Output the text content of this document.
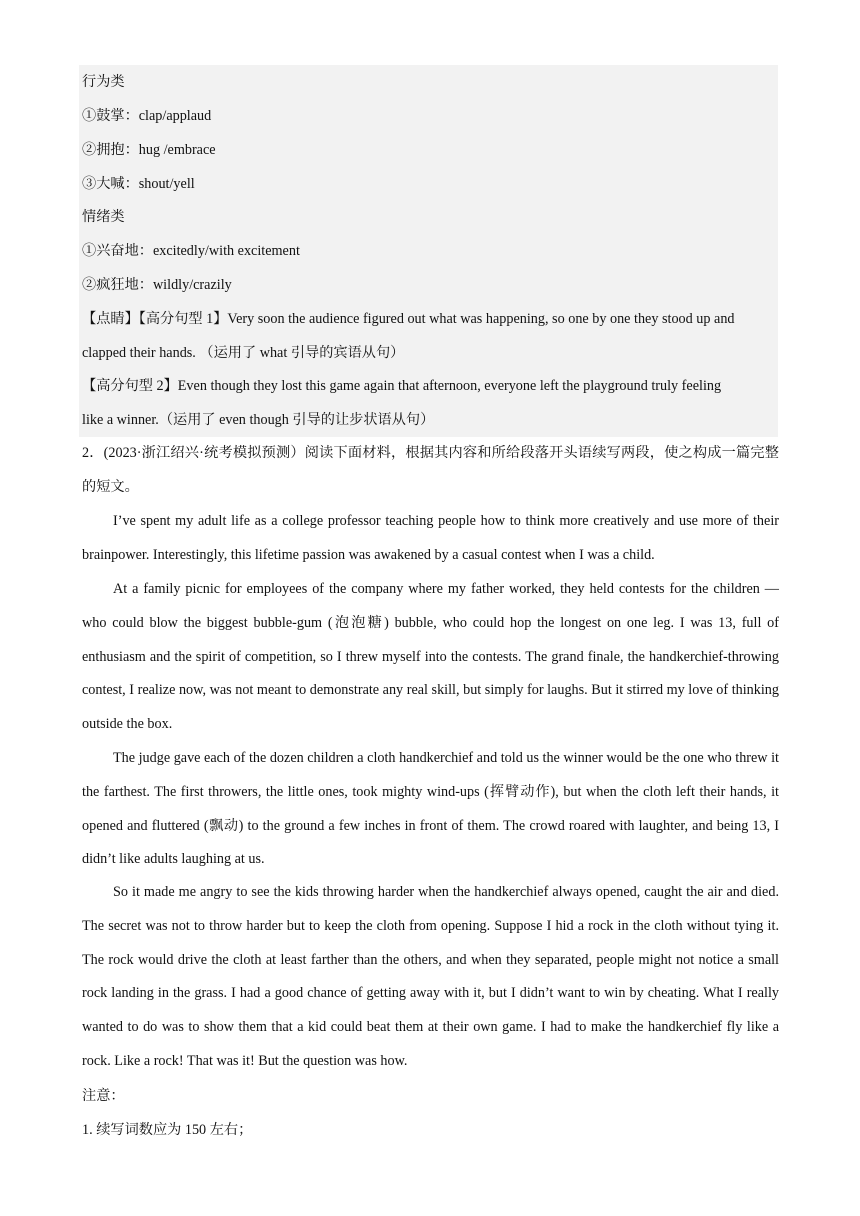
行为类
①鼓掌：clap/applaud
②拥抱：hug /embrace
③大喊：shout/yell
情绪类
①兴奋地：excitedly/with excitement
②疯狂地：wildly/crazily
【点睛】【高分句型 1】Very soon the audience figured out what was happening, so one by one they stood up and
clapped their hands. （运用了 what 引导的宾语从句）
【高分句型 2】Even though they lost this game again that afternoon, everyone left the playground truly feeling
like a winner.（运用了 even though 引导的让步状语从句）
2．(2023·浙江绍兴·统考模拟预测）阅读下面材料，根据其内容和所给段落开头语续写两段，使之构成一篇完整的短文。
I’ve spent my adult life as a college professor teaching people how to think more creatively and use more of their brainpower. Interestingly, this lifetime passion was awakened by a casual contest when I was a child.
At a family picnic for employees of the company where my father worked, they held contests for the children — who could blow the biggest bubble-gum (泡泡糖) bubble, who could hop the longest on one leg. I was 13, full of enthusiasm and the spirit of competition, so I threw myself into the contests. The grand finale, the handkerchief-throwing contest, I realize now, was not meant to demonstrate any real skill, but simply for laughs. But it stirred my love of thinking outside the box.
The judge gave each of the dozen children a cloth handkerchief and told us the winner would be the one who threw it the farthest. The first throwers, the little ones, took mighty wind-ups (挥臂动作), but when the cloth left their hands, it opened and fluttered (飘动) to the ground a few inches in front of them. The crowd roared with laughter, and being 13, I didn’t like adults laughing at us.
So it made me angry to see the kids throwing harder when the handkerchief always opened, caught the air and died. The secret was not to throw harder but to keep the cloth from opening. Suppose I hid a rock in the cloth without tying it. The rock would drive the cloth at least farther than the others, and when they separated, people might not notice a small rock landing in the grass. I had a good chance of getting away with it, but I didn’t want to win by cheating. What I really wanted to do was to show them that a kid could beat them at their own game. I had to make the handkerchief fly like a rock. Like a rock! That was it! But the question was how.
注意：
1. 续写词数应为 150 左右；
